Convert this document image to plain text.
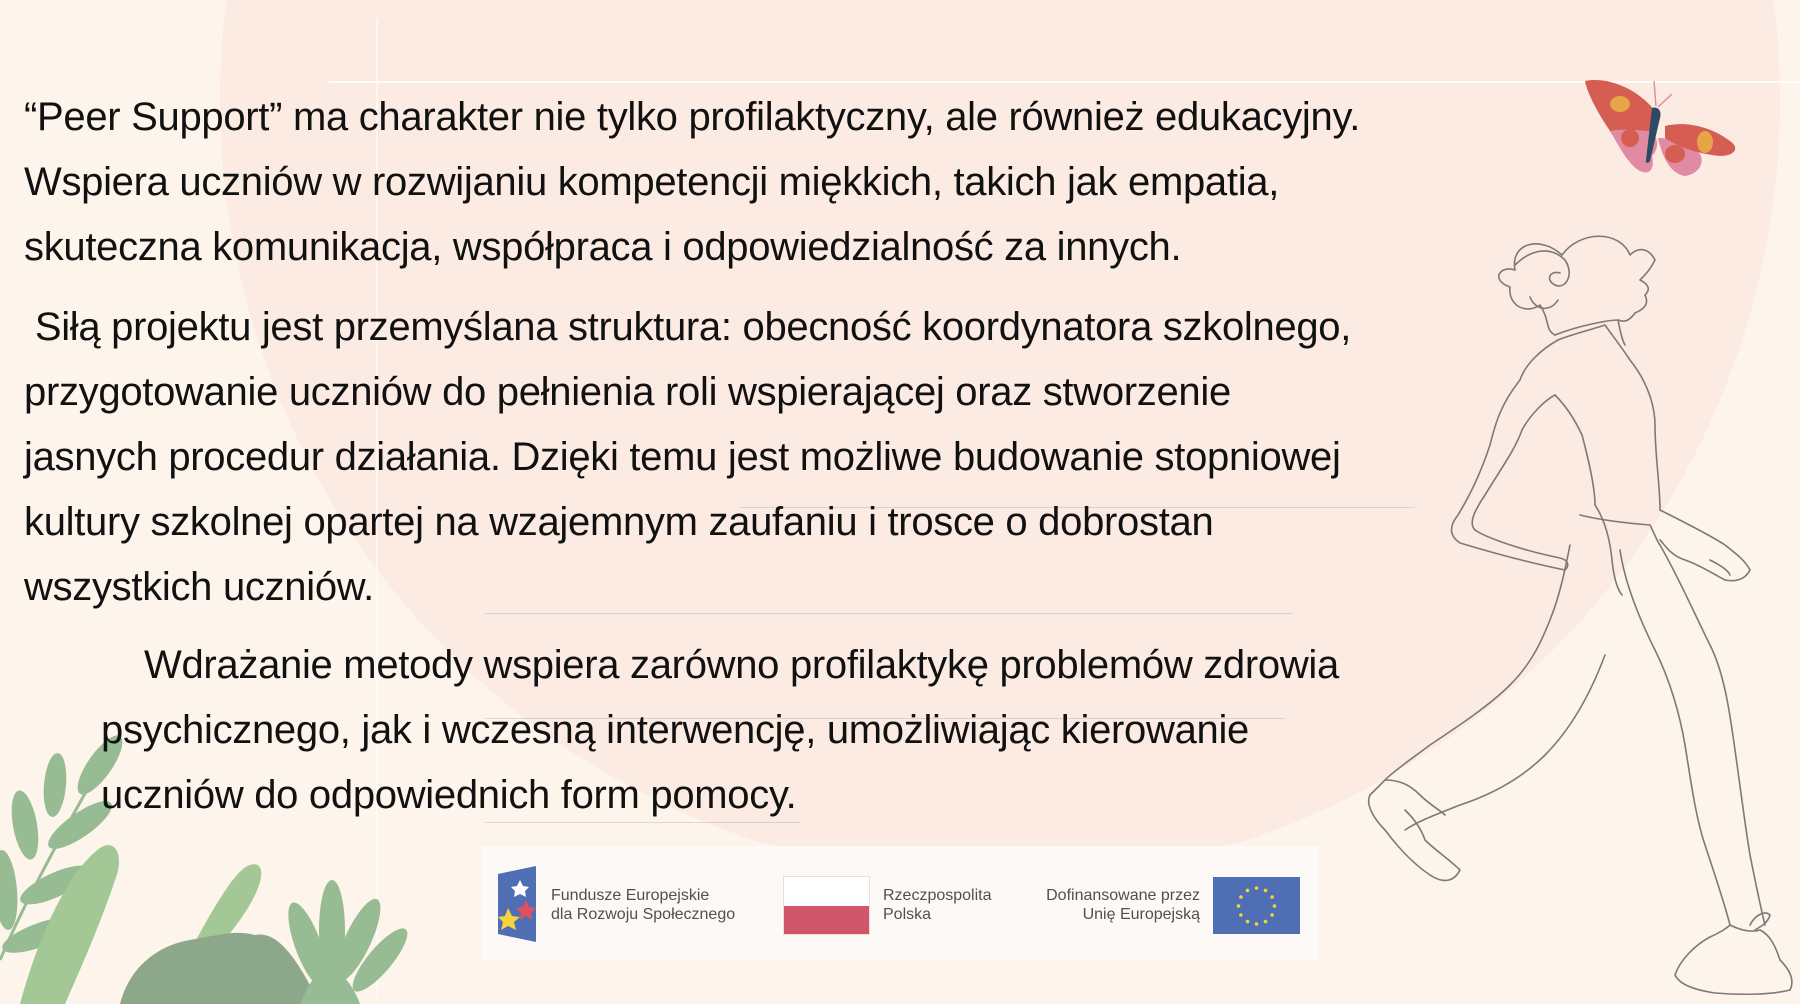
“Peer Support” ma charakter nie tylko profilaktyczny, ale również edukacyjny.
Wspiera uczniów w rozwijaniu kompetencji miękkich, takich jak empatia,
skuteczna komunikacja, współpraca i odpowiedzialność za innych.
Siłą projektu jest przemyślana struktura: obecność koordynatora szkolnego,
przygotowanie uczniów do pełnienia roli wspierającej oraz stworzenie
jasnych procedur działania. Dzięki temu jest możliwe budowanie stopniowej
kultury szkolnej opartej na wzajemnym zaufaniu i trosce o dobrostan
wszystkich uczniów.
Wdrażanie metody wspiera zarówno profilaktykę problemów zdrowia
psychicznego, jak i wczesną interwencję, umożliwiając kierowanie
uczniów do odpowiednich form pomocy.
Fundusze Europejskie
dla Rozwoju Społecznego
Rzeczpospolita
Polska
Dofinansowane przez
Unię Europejską
